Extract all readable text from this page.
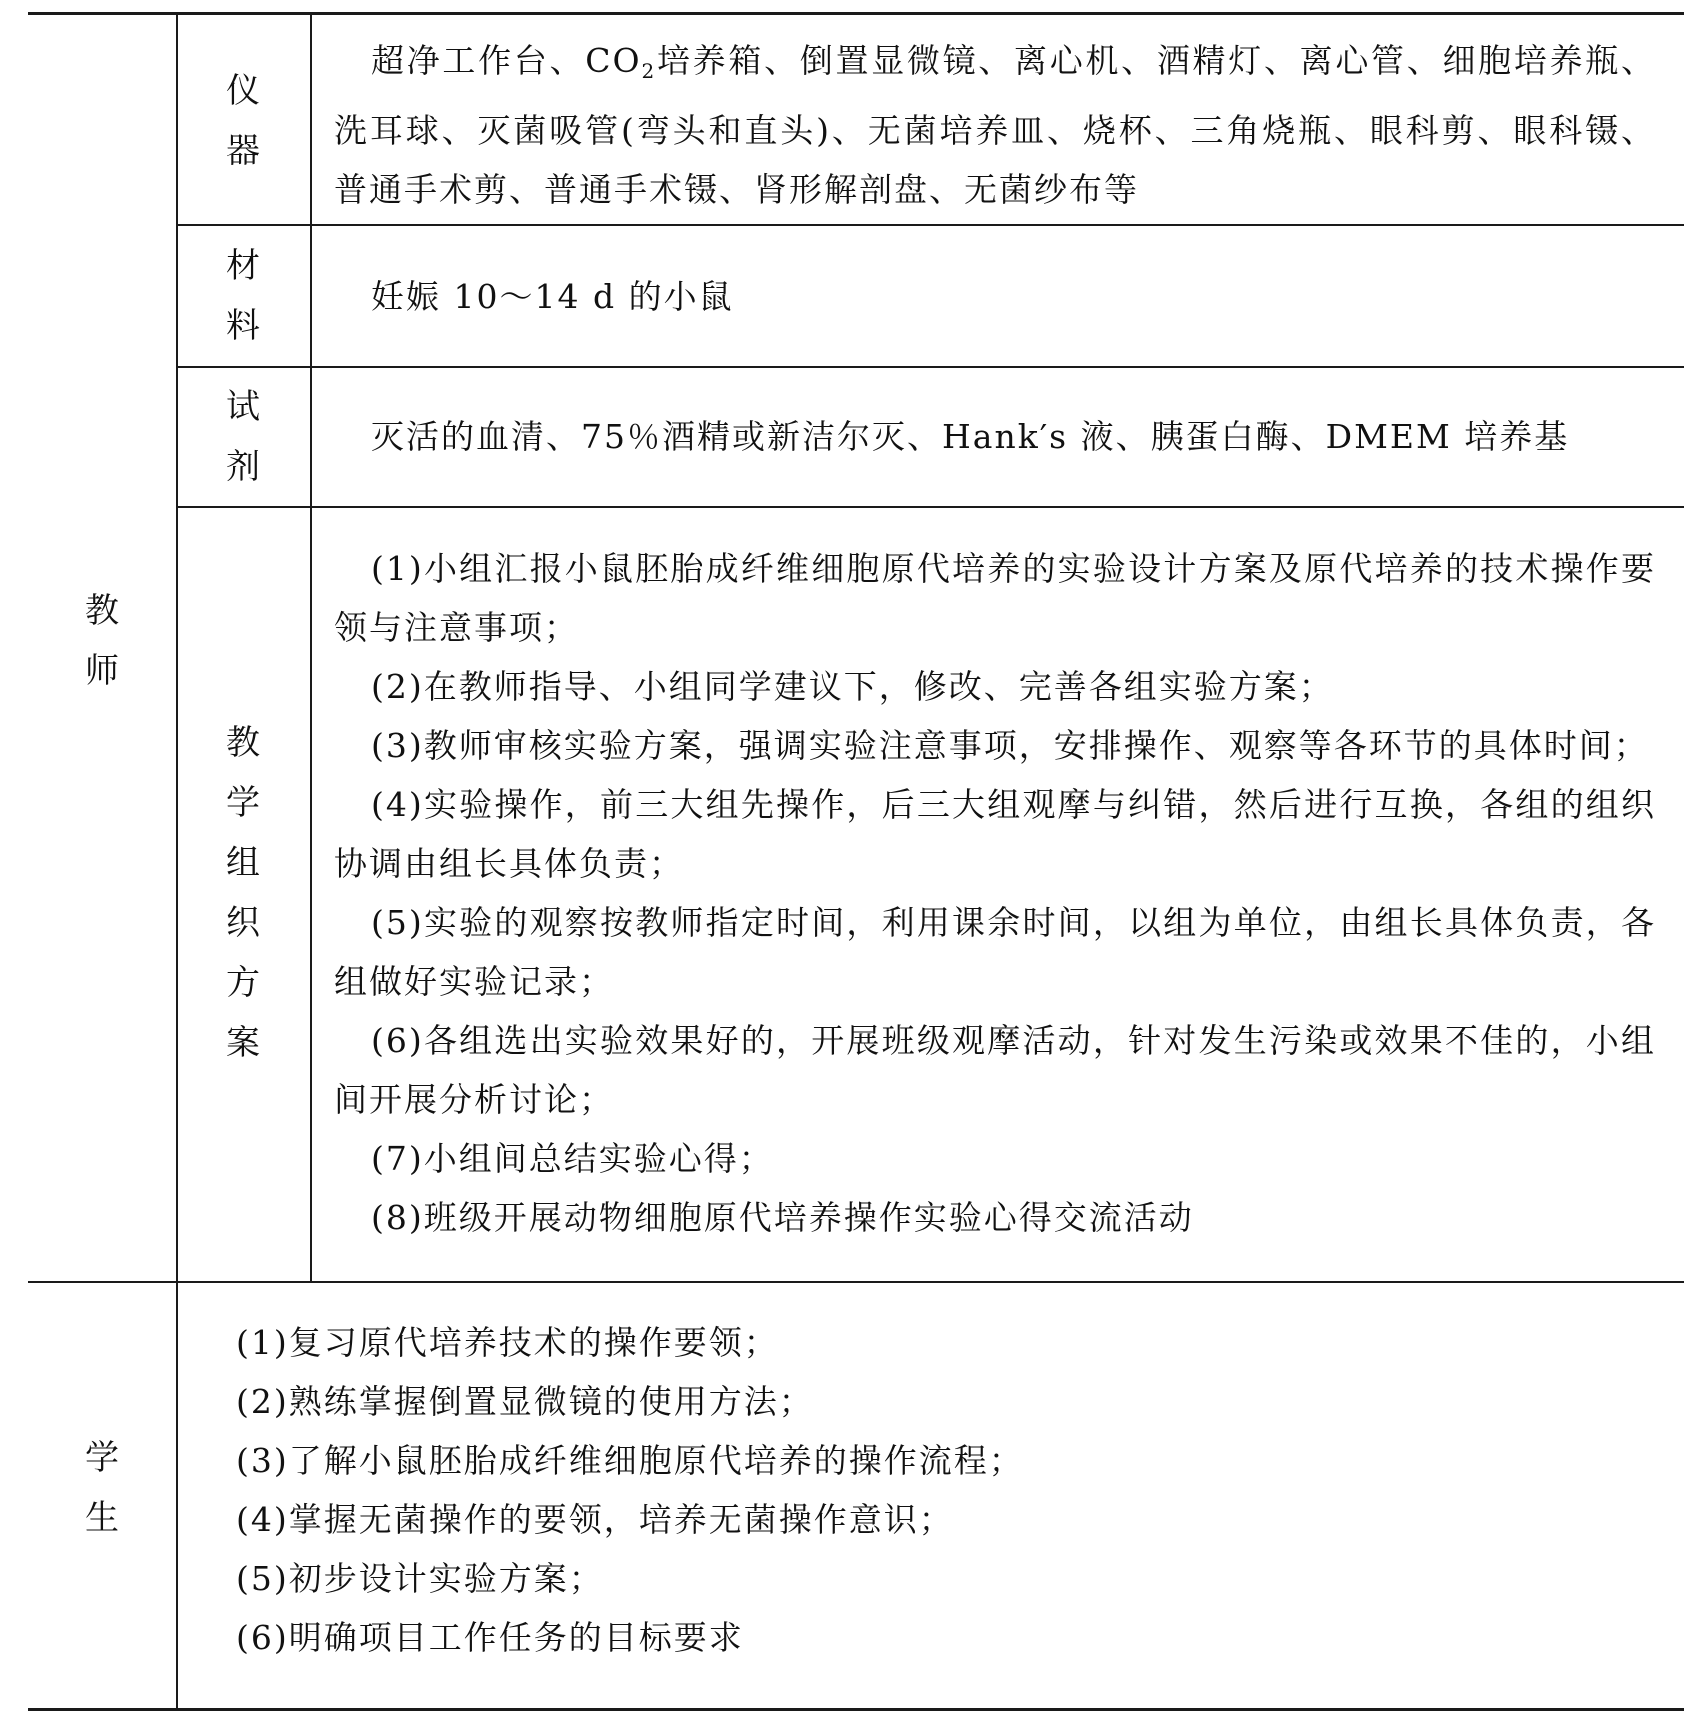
教
师
仪
器

超净工作台、$CO_2$培养箱、倒置显微镜、离心机、酒精灯、离心管、细胞培养瓶、洗耳球、灭菌吸管(弯头和直头)、无菌培养皿、烧杯、三角烧瓶、眼科剪、眼科镊、普通手术剪、普通手术镊、肾形解剖盘、无菌纱布等

材
料

妊娠 10～14 d 的小鼠

试
剂

灭活的血清、75％酒精或新洁尔灭、Hank′s 液、胰蛋白酶、DMEM 培养基

教
学
组
织
方
案

(1)小组汇报小鼠胚胎成纤维细胞原代培养的实验设计方案及原代培养的技术操作要领与注意事项；

(2)在教师指导、小组同学建议下，修改、完善各组实验方案；

(3)教师审核实验方案，强调实验注意事项，安排操作、观察等各环节的具体时间；

(4)实验操作，前三大组先操作，后三大组观摩与纠错，然后进行互换，各组的组织协调由组长具体负责；

(5)实验的观察按教师指定时间，利用课余时间，以组为单位，由组长具体负责，各组做好实验记录；

(6)各组选出实验效果好的，开展班级观摩活动，针对发生污染或效果不佳的，小组间开展分析讨论；

(7)小组间总结实验心得；

(8)班级开展动物细胞原代培养操作实验心得交流活动

学
生

(1)复习原代培养技术的操作要领；

(2)熟练掌握倒置显微镜的使用方法；

(3)了解小鼠胚胎成纤维细胞原代培养的操作流程；

(4)掌握无菌操作的要领，培养无菌操作意识；

(5)初步设计实验方案；

(6)明确项目工作任务的目标要求
